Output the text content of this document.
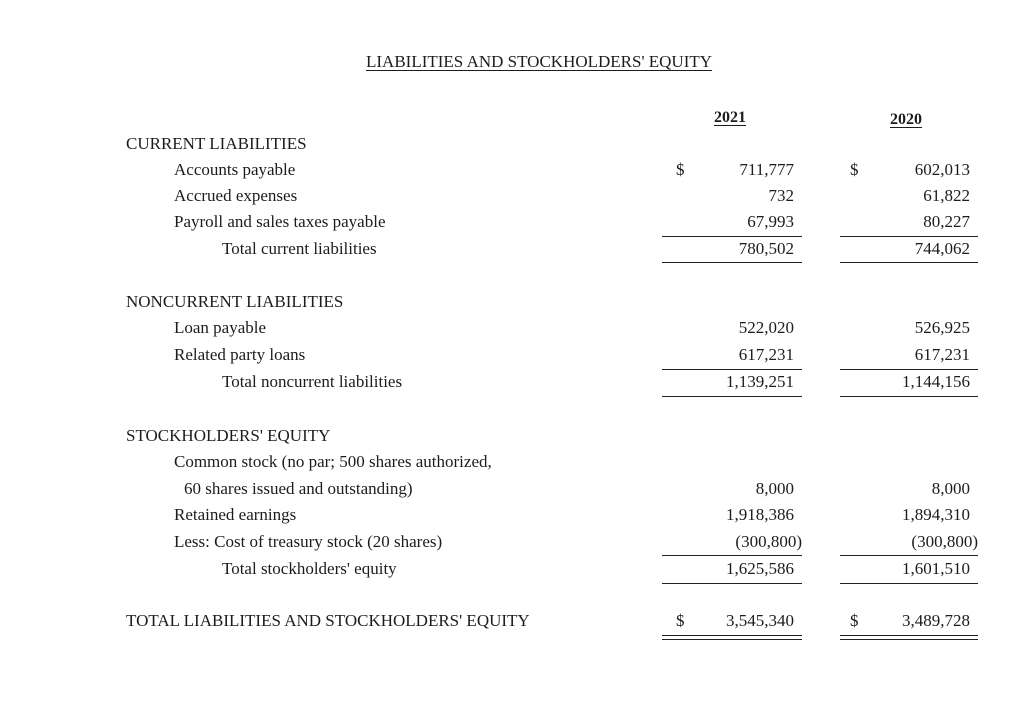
LIABILITIES AND STOCKHOLDERS' EQUITY
2021	2020
CURRENT LIABILITIES
Accounts payable	$	711,777	$	602,013
Accrued expenses	732	61,822
Payroll and sales taxes payable	67,993	80,227
Total current liabilities	780,502	744,062
NONCURRENT LIABILITIES
Loan payable	522,020	526,925
Related party loans	617,231	617,231
Total noncurrent liabilities	1,139,251	1,144,156
STOCKHOLDERS' EQUITY
Common stock (no par; 500 shares authorized,
60 shares issued and outstanding)	8,000	8,000
Retained earnings	1,918,386	1,894,310
Less: Cost of treasury stock (20 shares)	(300,800)	(300,800)
Total stockholders' equity	1,625,586	1,601,510
TOTAL LIABILITIES AND STOCKHOLDERS' EQUITY	$	3,545,340	$	3,489,728
